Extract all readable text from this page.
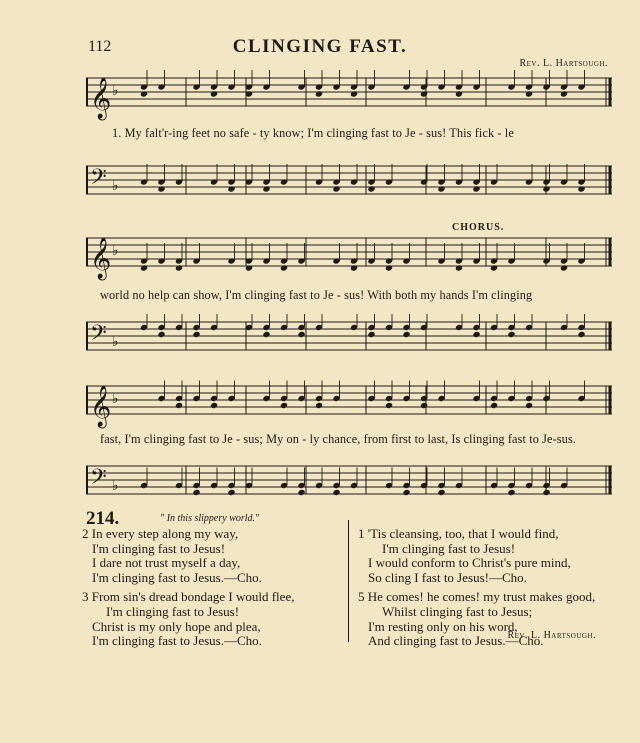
112	CLINGING FAST.
Rev. L. Hartsough.
𝄞 ♭
1. My falt'r-ing feet no safe - ty know; I'm clinging fast to Je - sus! This fick - le
𝄢 ♭
CHORUS.
𝄞 ♭
world no help can show, I'm clinging fast to Je - sus! With both my hands I'm clinging
𝄢 ♭
𝄞 ♭
fast, I'm clinging fast to Je - sus; My on - ly chance, from first to last, Is clinging fast to Je-sus.
𝄢 ♭
214.	" In this slippery world."
2 In every step along my way,
I'm clinging fast to Jesus!
I dare not trust myself a day,
I'm clinging fast to Jesus.—Cho.
3 From sin's dread bondage I would flee,
I'm clinging fast to Jesus!
Christ is my only hope and plea,
I'm clinging fast to Jesus.—Cho.
1 'Tis cleansing, too, that I would find,
I'm clinging fast to Jesus!
I would conform to Christ's pure mind,
So cling I fast to Jesus!—Cho.
5 He comes! he comes! my trust makes good,
Whilst clinging fast to Jesus;
I'm resting only on his word,
And clinging fast to Jesus.—Cho.
Rev. L. Hartsough.
